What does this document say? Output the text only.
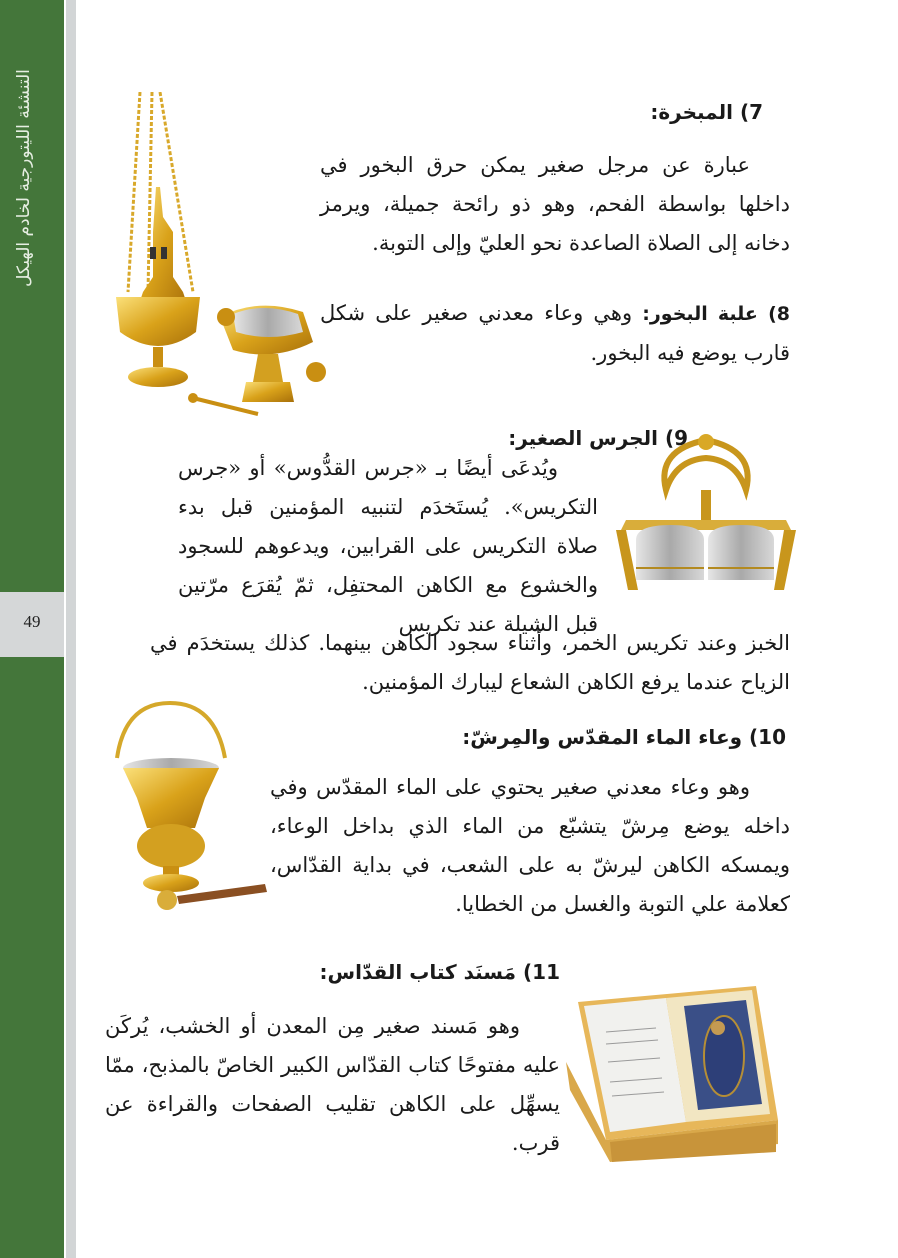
التنشئة الليتورجية لخادم الهيكل
49
7) المبخرة:
عبارة عن مرجل صغير يمكن حرق البخور في داخلها بواسطة الفحم، وهو ذو رائحة جميلة، ويرمز دخانه إلى الصلاة الصاعدة نحو العليّ وإلى التوبة.
8) علبة البخور: وهي وعاء معدني صغير على شكل قارب يوضع فيه البخور.
9) الجرس الصغير:
ويُدعَى أيضًا بـ «جرس القدُّوس» أو «جرس التكريس». يُستَخدَم لتنبيه المؤمنين قبل بدء صلاة التكريس على القرابين، ويدعوهم للسجود والخشوع مع الكاهن المحتفِل، ثمّ يُقرَع مرّتين قبل الشيلة عند تكريس
الخبز وعند تكريس الخمر، وأثناء سجود الكاهن بينهما. كذلك يستخدَم في الزياح عندما يرفع الكاهن الشعاع ليبارك المؤمنين.
10) وعاء الماء المقدّس والمِرشّ:
وهو وعاء معدني صغير يحتوي على الماء المقدّس وفي داخله يوضع مِرشّ يتشبّع من الماء الذي بداخل الوعاء، ويمسكه الكاهن ليرشّ به على الشعب، في بداية القدّاس، كعلامة علي التوبة والغسل من الخطايا.
11) مَسنَد كتاب القدّاس:
وهو مَسند صغير مِن المعدن أو الخشب، يُركَن عليه مفتوحًا كتاب القدّاس الكبير الخاصّ بالمذبح، ممّا يسهِّل على الكاهن تقليب الصفحات والقراءة عن قرب.
